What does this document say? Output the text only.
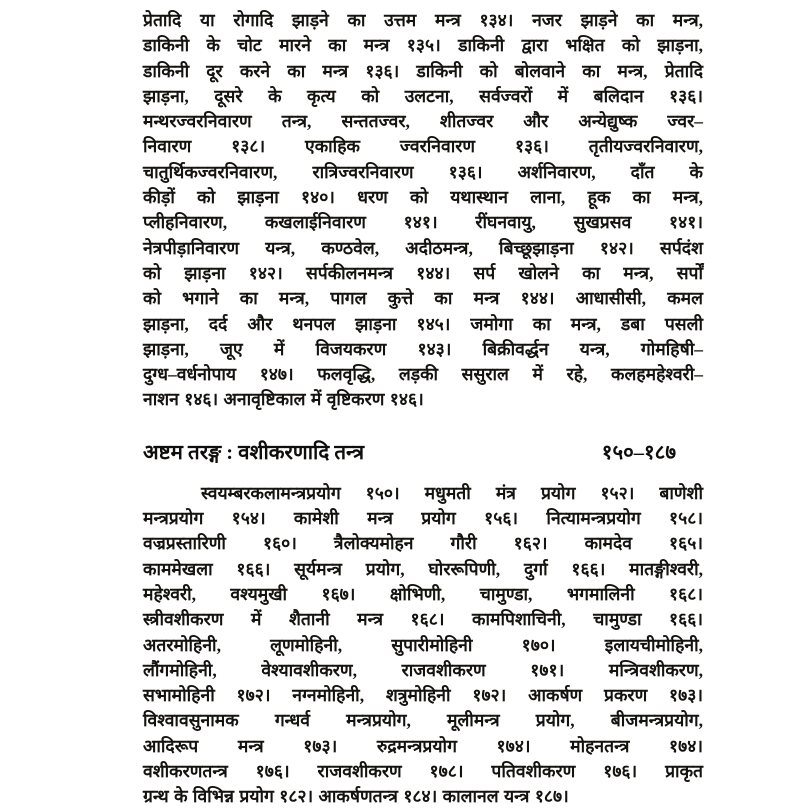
प्रेतादि या रोगादि झाड़ने का उत्तम मन्त्र १३४। नजर झाड़ने का मन्त्र,
डाकिनी के चोट मारने का मन्त्र १३५। डाकिनी द्वारा भक्षित को झाड़ना,
डाकिनी दूर करने का मन्त्र १३६। डाकिनी को बोलवाने का मन्त्र, प्रेतादि
झाड़ना, दूसरे के कृत्य को उलटना, सर्वज्वरों में बलिदान १३६।
मन्थरज्वरनिवारण तन्त्र, सन्ततज्वर, शीतज्वर और अन्येद्युष्क ज्वर–
निवारण १३८। एकाहिक ज्वरनिवारण १३६। तृतीयज्वरनिवारण,
चातुर्थिकज्वरनिवारण, रात्रिज्वरनिवारण १३६। अर्शनिवारण, दाँत के
कीड़ों को झाड़ना १४०। धरण को यथास्थान लाना, हूक का मन्त्र,
प्लीहनिवारण, कखलाईनिवारण १४१। रींघनवायु, सुखप्रसव १४१।
नेत्रपीड़ानिवारण यन्त्र, कण्ठवेल, अदीठमन्त्र, बिच्छूझाड़ना १४२। सर्पदंश
को झाड़ना १४२। सर्पकीलनमन्त्र १४४। सर्प खोलने का मन्त्र, सर्पों
को भगाने का मन्त्र, पागल कुत्ते का मन्त्र १४४। आधासीसी, कमल
झाड़ना, दर्द और थनपल झाड़ना १४५। जमोगा का मन्त्र, डबा पसली
झाड़ना, जूए में विजयकरण १४३। बिक्रीवर्द्धन यन्त्र, गोमहिषी–
दुग्ध–वर्धनोपाय १४७। फलवृद्धि, लड़की ससुराल में रहे, कलहमहेश्वरी–
नाशन १४६। अनावृष्टिकाल में वृष्टिकरण १४६।
अष्टम तरङ्ग : वशीकरणादि तन्त्र	१५०–१८७
स्वयम्बरकलामन्त्रप्रयोग १५०। मधुमती मंत्र प्रयोग १५२। बाणेशी
मन्त्रप्रयोग १५४। कामेशी मन्त्र प्रयोग १५६। नित्यामन्त्रप्रयोग १५८।
वज्रप्रस्तारिणी १६०। त्रैलोक्यमोहन गौरी १६२। कामदेव १६५।
काममेखला १६६। सूर्यमन्त्र प्रयोग, घोररूपिणी, दुर्गा १६६। मातङ्गीश्वरी,
महेश्वरी, वश्यमुखी १६७। क्षोभिणी, चामुण्डा, भगमालिनी १६८।
स्त्रीवशीकरण में शैतानी मन्त्र १६८। कामपिशाचिनी, चामुण्डा १६६।
अतरमोहिनी, लूणमोहिनी, सुपारीमोहिनी १७०। इलायचीमोहिनी,
लौंगमोहिनी, वेश्यावशीकरण, राजवशीकरण १७१। मन्त्रिवशीकरण,
सभामोहिनी १७२। नग्नमोहिनी, शत्रुमोहिनी १७२। आकर्षण प्रकरण १७३।
विश्वावसुनामक गन्धर्व मन्त्रप्रयोग, मूलीमन्त्र प्रयोग, बीजमन्त्रप्रयोग,
आदिरूप मन्त्र १७३। रुद्रमन्त्रप्रयोग १७४। मोहनतन्त्र १७४।
वशीकरणतन्त्र १७६। राजवशीकरण १७८। पतिवशीकरण १७६। प्राकृत
ग्रन्थ के विभिन्न प्रयोग १८२। आकर्षणतन्त्र १८४। कालानल यन्त्र १८७।
